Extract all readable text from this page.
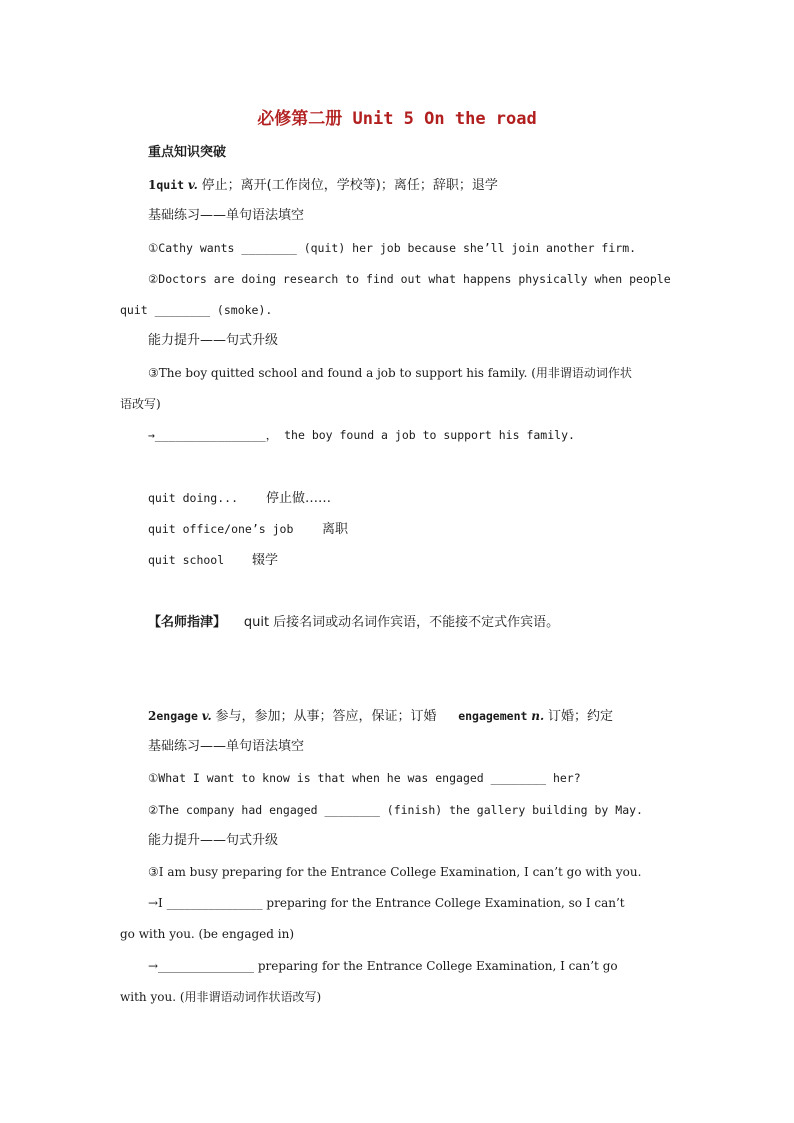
必修第二册 Unit 5 On the road
重点知识突破
1quit v. 停止；离开(工作岗位，学校等)；离任；辞职；退学
基础练习——单句语法填空
①Cathy wants ________ (quit) her job because she’ll join another firm.
②Doctors are doing research to find out what happens physically when people
quit ________ (smoke).
能力提升——句式升级
③The boy quitted school and found a job to support his family. (用非谓语动词作状
语改写)
→________________， the boy found a job to support his family.
quit doing... 停止做……
quit office/one’s job 离职
quit school 辍学
【名师指津】 quit 后接名词或动名词作宾语，不能接不定式作宾语。
2engage v. 参与，参加；从事；答应，保证；订婚 engagement n. 订婚；约定
基础练习——单句语法填空
①What I want to know is that when he was engaged ________ her?
②The company had engaged ________ (finish) the gallery building by May.
能力提升——句式升级
③I am busy preparing for the Entrance College Examination, I can’t go with you.
→I ________________ preparing for the Entrance College Examination, so I can’t
go with you. (be engaged in)
→________________ preparing for the Entrance College Examination, I can’t go
with you. (用非谓语动词作状语改写)
